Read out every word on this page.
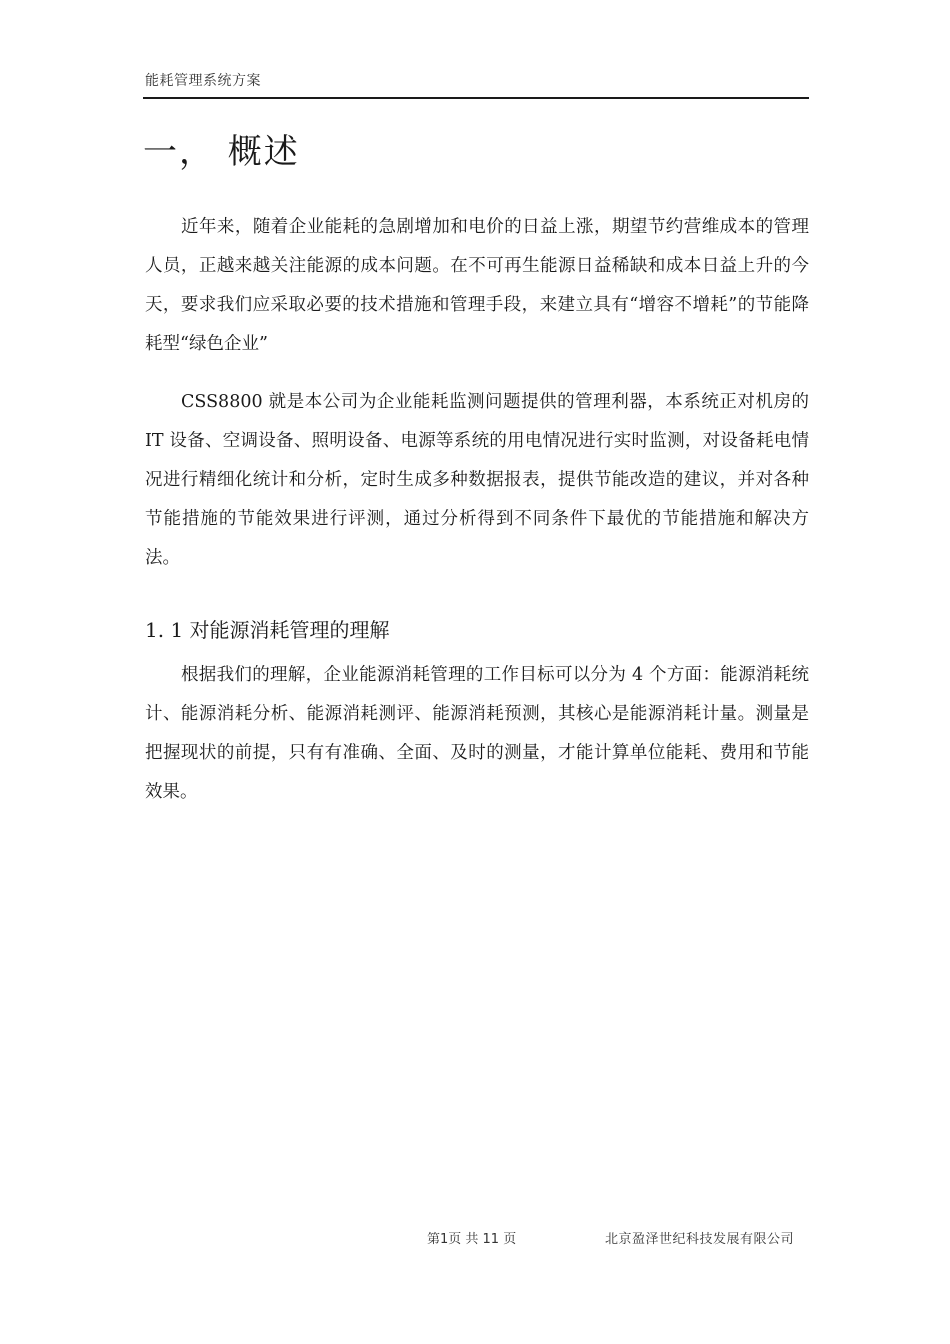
能耗管理系统方案
一， 概述

近年来，随着企业能耗的急剧增加和电价的日益上涨，期望节约营维成本的管理人员，正越来越关注能源的成本问题。在不可再生能源日益稀缺和成本日益上升的今天，要求我们应采取必要的技术措施和管理手段，来建立具有“增容不增耗”的节能降耗型“绿色企业”

CSS8800 就是本公司为企业能耗监测问题提供的管理利器，本系统正对机房的 IT 设备、空调设备、照明设备、电源等系统的用电情况进行实时监测，对设备耗电情况进行精细化统计和分析，定时生成多种数据报表，提供节能改造的建议，并对各种节能措施的节能效果进行评测，通过分析得到不同条件下最优的节能措施和解决方法。

1. 1 对能源消耗管理的理解

根据我们的理解，企业能源消耗管理的工作目标可以分为 4 个方面：能源消耗统计、能源消耗分析、能源消耗测评、能源消耗预测，其核心是能源消耗计量。测量是把握现状的前提，只有有准确、全面、及时的测量，才能计算单位能耗、费用和节能效果。

第1页 共 11 页	北京盈泽世纪科技发展有限公司
